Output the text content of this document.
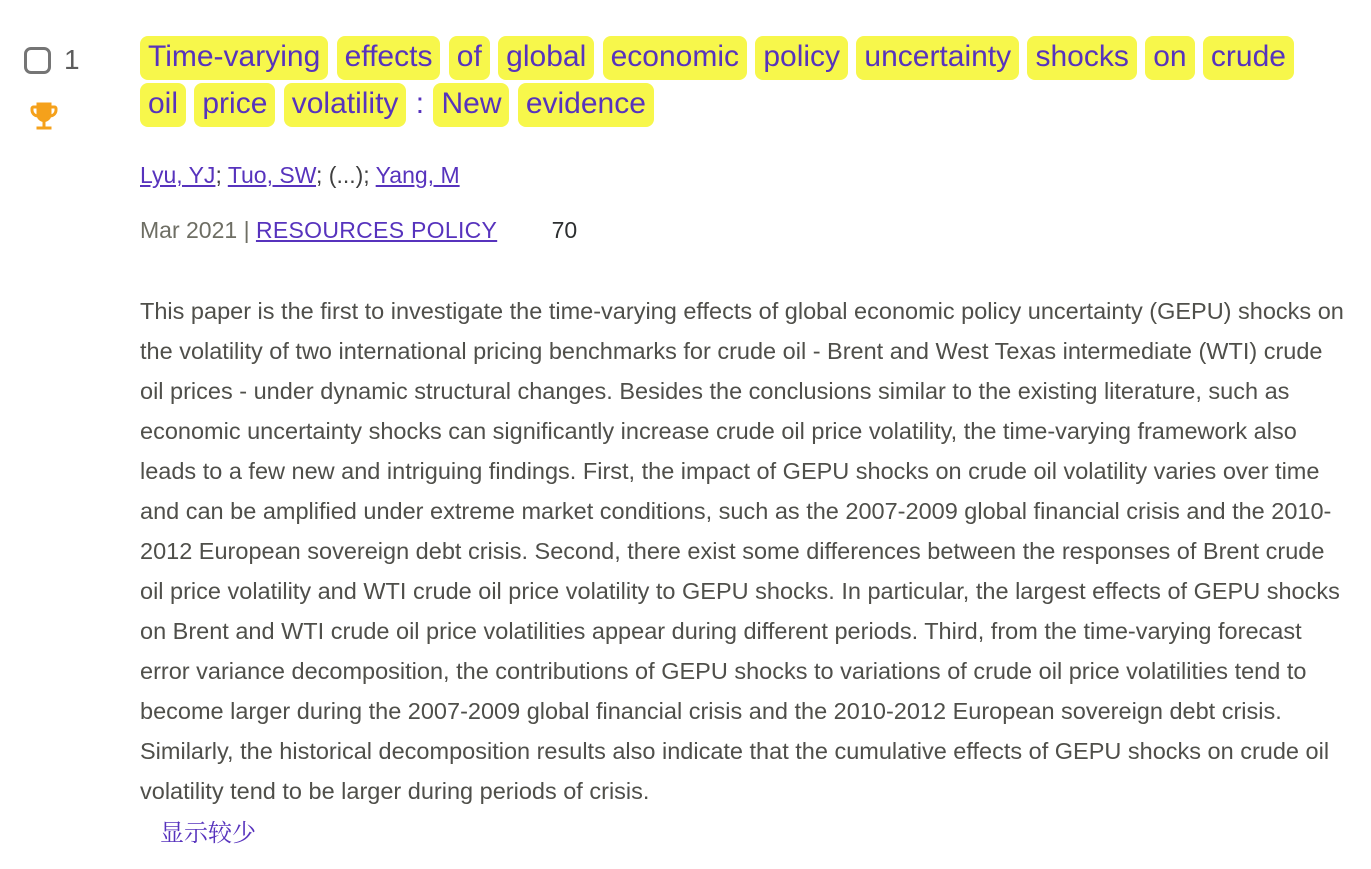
1 Time-varying effects of global economic policy uncertainty shocks on crude oil price volatility : New evidence
Lyu, YJ; Tuo, SW; (...); Yang, M
Mar 2021 | RESOURCES POLICY 70
This paper is the first to investigate the time-varying effects of global economic policy uncertainty (GEPU) shocks on the volatility of two international pricing benchmarks for crude oil - Brent and West Texas intermediate (WTI) crude oil prices - under dynamic structural changes. Besides the conclusions similar to the existing literature, such as economic uncertainty shocks can significantly increase crude oil price volatility, the time-varying framework also leads to a few new and intriguing findings. First, the impact of GEPU shocks on crude oil volatility varies over time and can be amplified under extreme market conditions, such as the 2007-2009 global financial crisis and the 2010-2012 European sovereign debt crisis. Second, there exist some differences between the responses of Brent crude oil price volatility and WTI crude oil price volatility to GEPU shocks. In particular, the largest effects of GEPU shocks on Brent and WTI crude oil price volatilities appear during different periods. Third, from the time-varying forecast error variance decomposition, the contributions of GEPU shocks to variations of crude oil price volatilities tend to become larger during the 2007-2009 global financial crisis and the 2010-2012 European sovereign debt crisis. Similarly, the historical decomposition results also indicate that the cumulative effects of GEPU shocks on crude oil volatility tend to be larger during periods of crisis.
显示较少
